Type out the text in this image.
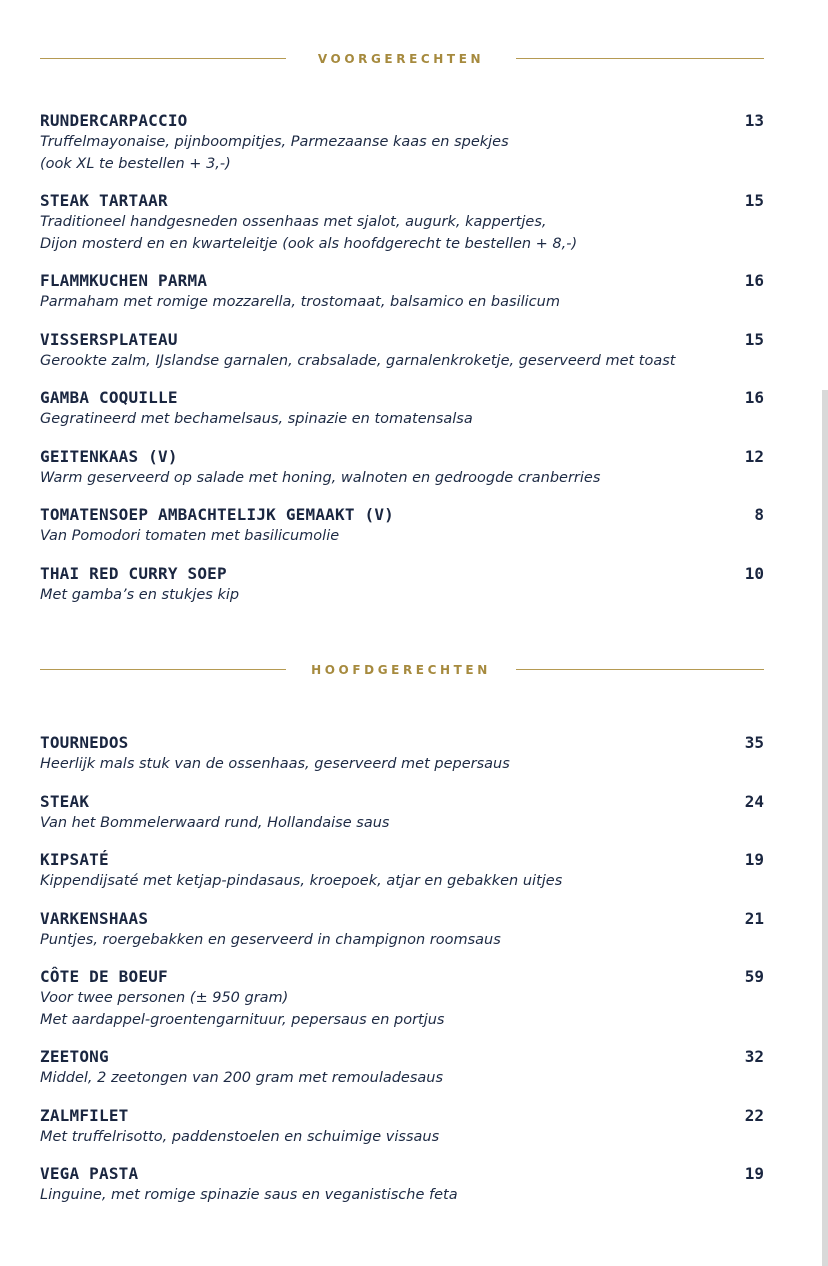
VOORGERECHTEN
RUNDERCARPACCIO	13
Truffelmayonaise, pijnboompitjes, Parmezaanse kaas en spekjes
(ook XL te bestellen + 3,-)
STEAK TARTAAR	15
Traditioneel handgesneden ossenhaas met sjalot, augurk, kappertjes,
Dijon mosterd en en kwarteleitje (ook als hoofdgerecht te bestellen + 8,-)
FLAMMKUCHEN PARMA	16
Parmaham met romige mozzarella, trostomaat, balsamico en basilicum
VISSERSPLATEAU	15
Gerookte zalm, IJslandse garnalen, crabsalade, garnalenkroketje, geserveerd met toast
GAMBA COQUILLE	16
Gegratineerd met bechamelsaus, spinazie en tomatensalsa
GEITENKAAS (V)	12
Warm geserveerd op salade met honing, walnoten en gedroogde cranberries
TOMATENSOEP AMBACHTELIJK GEMAAKT (V)	8
Van Pomodori tomaten met basilicumolie
THAI RED CURRY SOEP	10
Met gamba’s en stukjes kip
HOOFDGERECHTEN
TOURNEDOS	35
Heerlijk mals stuk van de ossenhaas, geserveerd met pepersaus
STEAK	24
Van het Bommelerwaard rund, Hollandaise saus
KIPSATÉ	19
Kippendijsaté met ketjap-pindasaus, kroepoek, atjar en gebakken uitjes
VARKENSHAAS	21
Puntjes, roergebakken en geserveerd in champignon roomsaus
CÔTE DE BOEUF	59
Voor twee personen (± 950 gram)
Met aardappel-groentengarnituur, pepersaus en portjus
ZEETONG	32
Middel, 2 zeetongen van 200 gram met remouladesaus
ZALMFILET	22
Met truffelrisotto, paddenstoelen en schuimige vissaus
VEGA PASTA	19
Linguine, met romige spinazie saus en veganistische feta
